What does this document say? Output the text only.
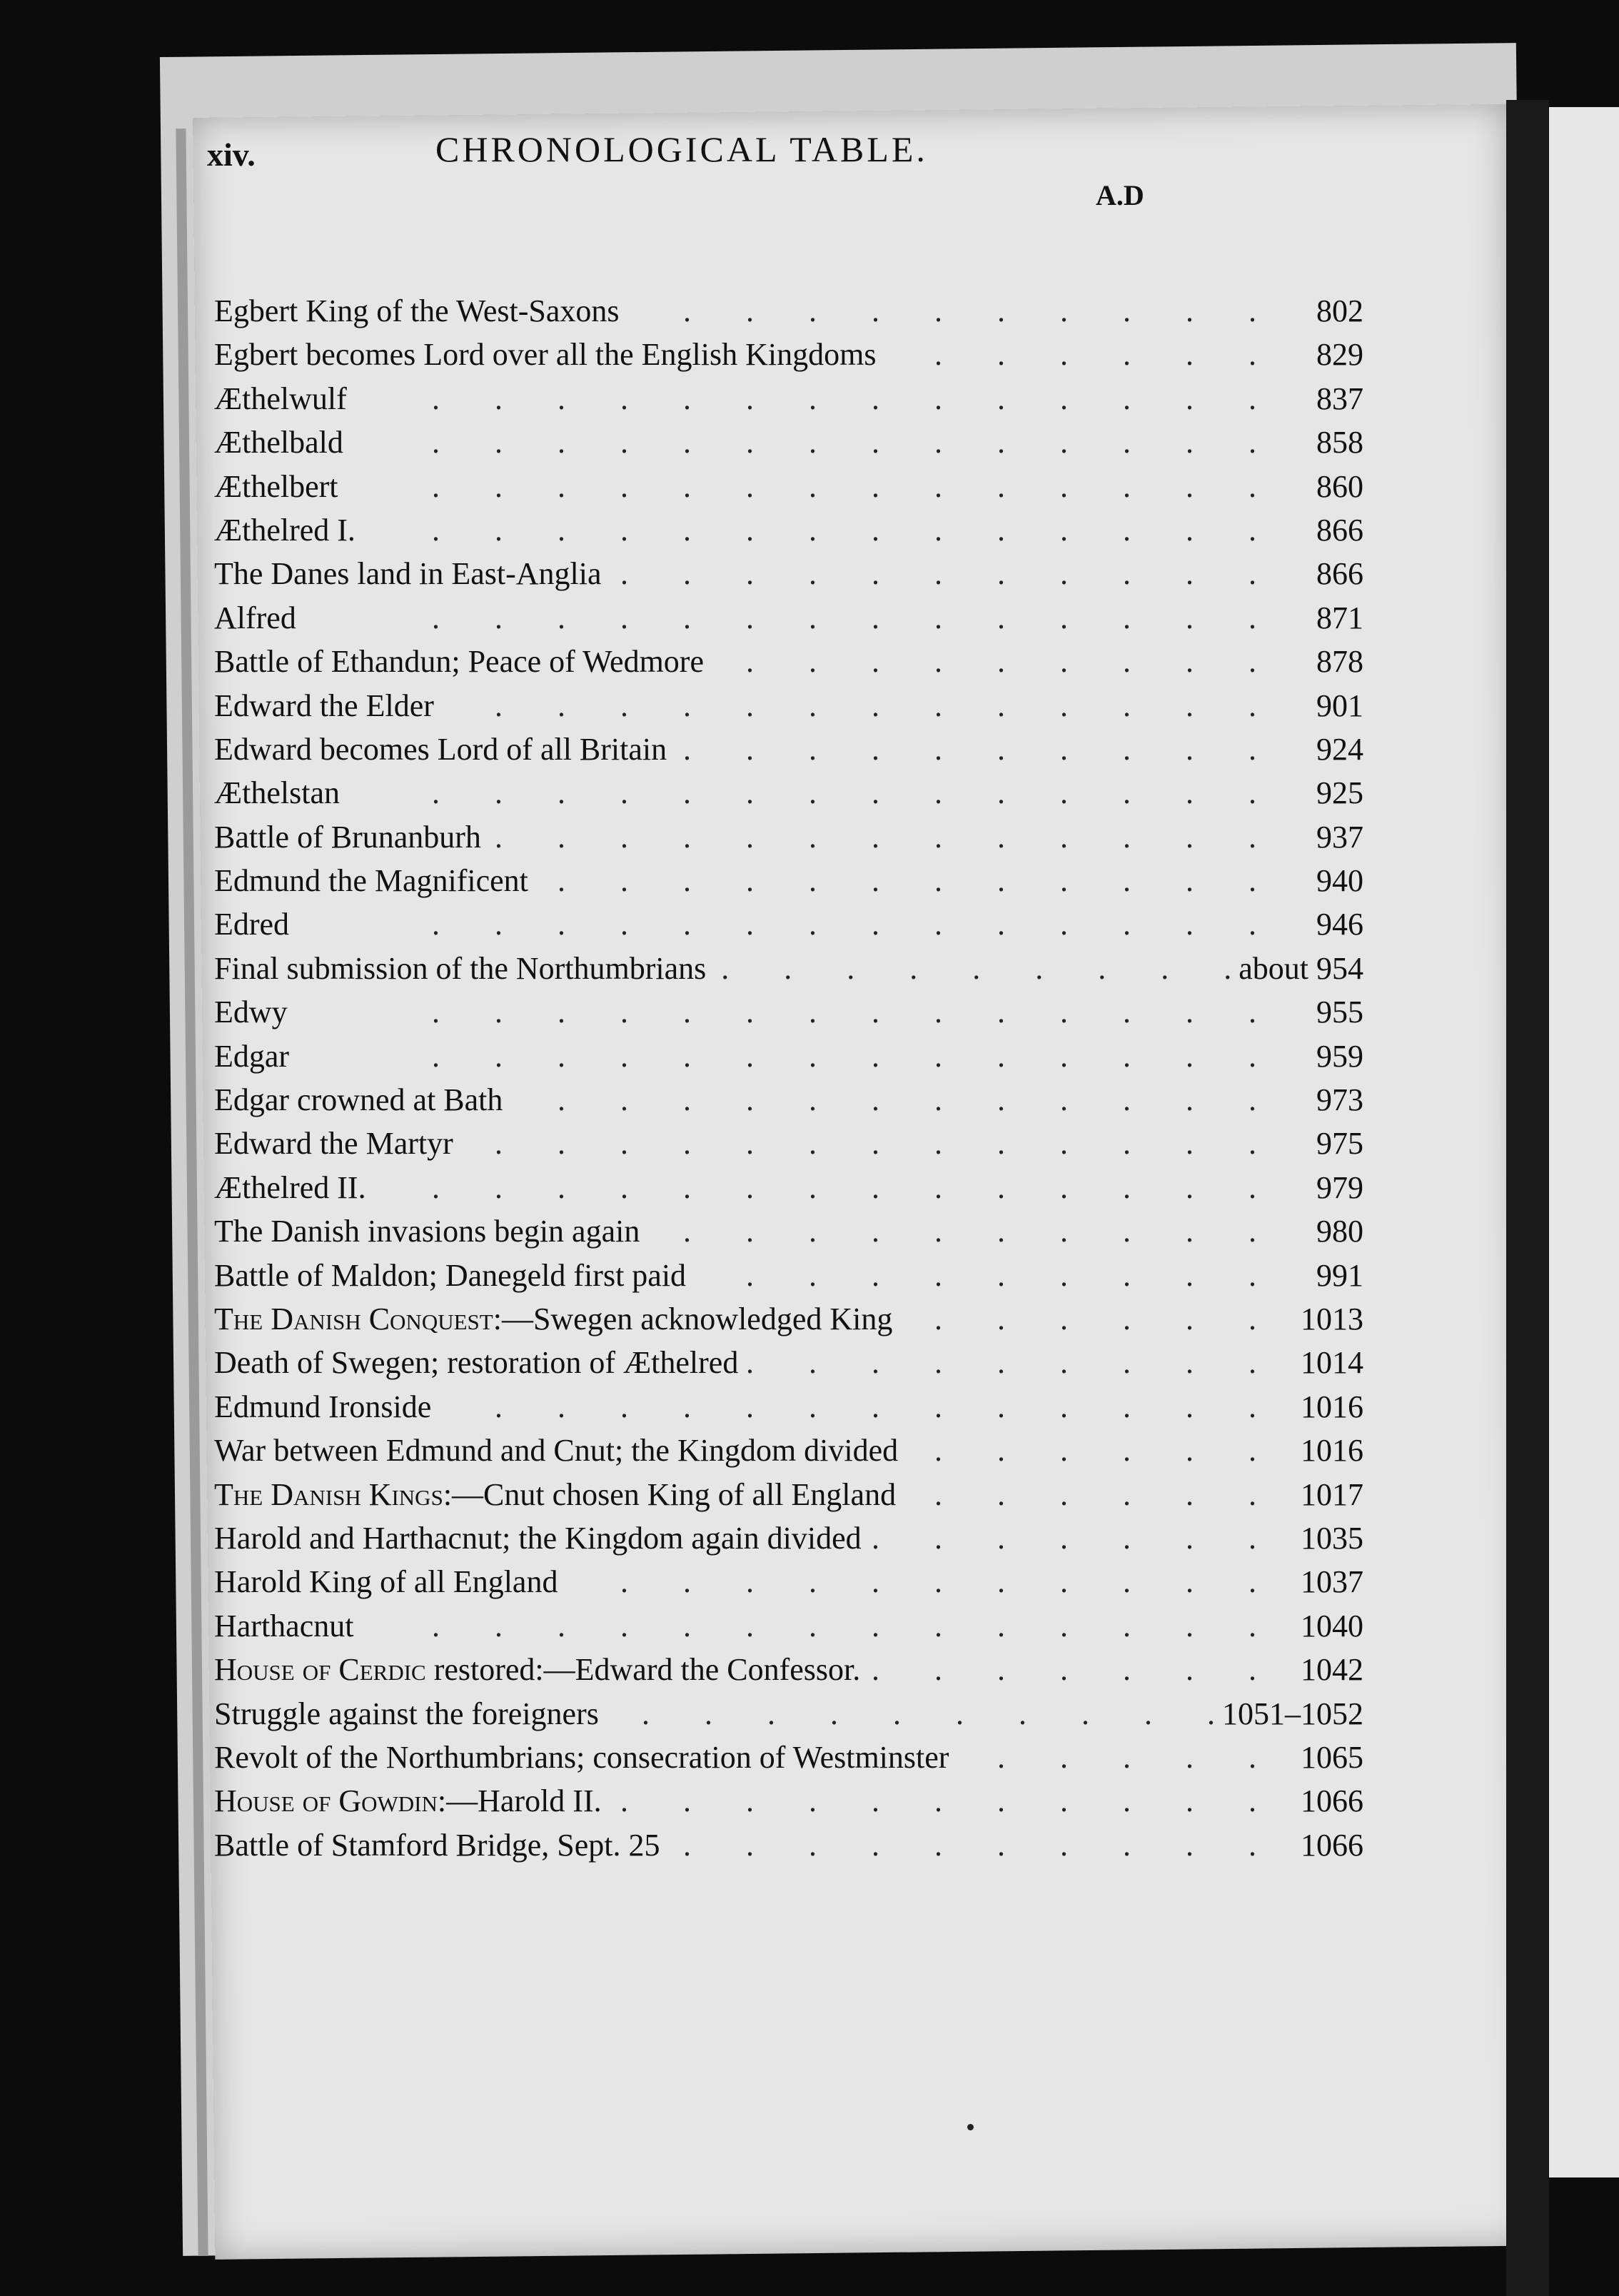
xiv.	CHRONOLOGICAL TABLE.
A.D
Egbert King of the West-Saxons .	802
Egbert becomes Lord over all the English Kingdoms .	829
Æthelwulf .	837
Æthelbald .	858
Æthelbert .	860
Æthelred I. .	866
The Danes land in East-Anglia .	866
Alfred .	871
Battle of Ethandun; Peace of Wedmore .	878
Edward the Elder .	901
Edward becomes Lord of all Britain .	924
Æthelstan .	925
Battle of Brunanburh .	937
Edmund the Magnificent .	940
Edred .	946
Final submission of the Northumbrians .	about 954
Edwy .	955
Edgar .	959
Edgar crowned at Bath .	973
Edward the Martyr .	975
Æthelred II. .	979
The Danish invasions begin again .	980
Battle of Maldon; Danegeld first paid .	991
The Danish Conquest:—Swegen acknowledged King .	1013
Death of Swegen; restoration of Æthelred .	1014
Edmund Ironside .	1016
War between Edmund and Cnut; the Kingdom divided .	1016
The Danish Kings:—Cnut chosen King of all England .	1017
Harold and Harthacnut; the Kingdom again divided .	1035
Harold King of all England .	1037
Harthacnut .	1040
House of Cerdic restored:—Edward the Confessor. .	1042
Struggle against the foreigners .	1051–1052
Revolt of the Northumbrians; consecration of Westminster .	1065
House of Gowdin:—Harold II. .	1066
Battle of Stamford Bridge, Sept. 25 .	1066
